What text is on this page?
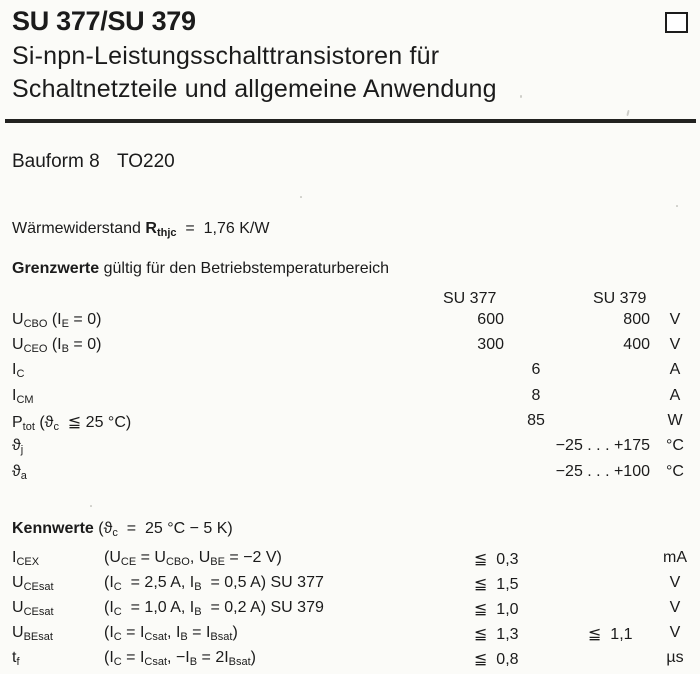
SU 377/SU 379
Si-npn-Leistungsschalttransistoren für
Schaltnetzteile und allgemeine Anwendung
Bauform 8 TO220
Wärmewiderstand $R_{thjc} = 1,76$ K/W
Grenzwerte gültig für den Betriebstemperaturbereich
SU 377	SU 379
$U_{CBO}$ $(I_E = 0)$	600	800	V
$U_{CEO}$ $(I_B = 0)$	300	400	V
$I_C$	6	A
$I_{CM}$	8	A
$P_{tot}$ ($ϑ_c$  ≦ 25 °C)	85	W
$ϑ_j$	−25 . . . +175	°C
$ϑ_a$	−25 . . . +100	°C
Kennwerte ($ϑ_c = 25$ °C − 5 K)
$I_{CEX}$	($U_{CE} = U_{CBO}$, $U_{BE} = -2$ V)	≦  0,3	mA
$U_{CEsat}$	($I_C = 2,5$ A, $I_B = 0,5$ A) SU 377	≦  1,5	V
$U_{CEsat}$	($I_C = 1,0$ A, $I_B = 0,2$ A) SU 379	≦  1,0	V
$U_{BEsat}$	($I_C = I_{Csat}$, $I_B = I_{Bsat}$)	≦  1,3	≦  1,1	V
$t_f$	($I_C = I_{Csat}$, $-I_B = 2I_{Bsat}$)	≦  0,8	µs
